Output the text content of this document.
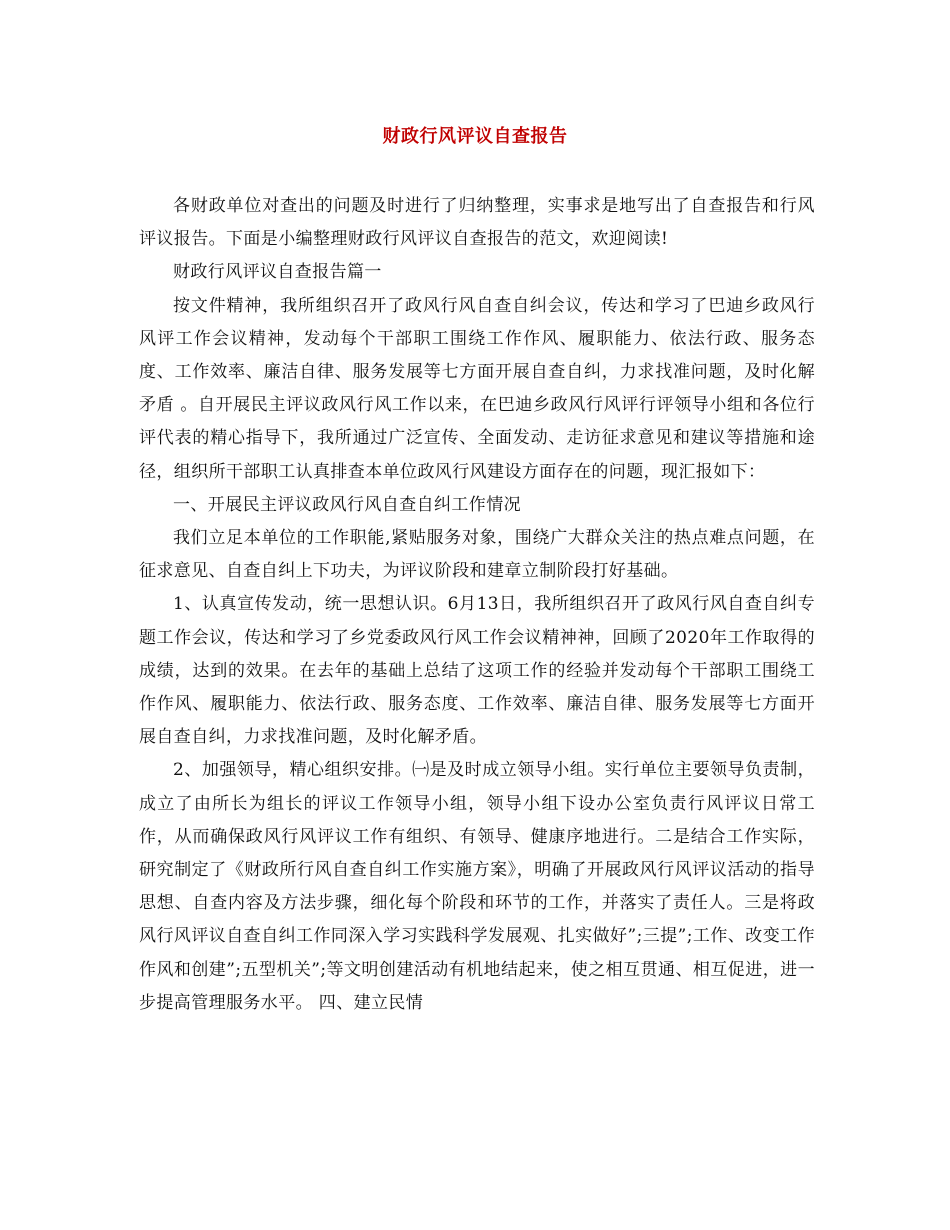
财政行风评议自查报告

各财政单位对查出的问题及时进行了归纳整理，实事求是地写出了自查报告和行风评议报告。下面是小编整理财政行风评议自查报告的范文，欢迎阅读!

财政行风评议自查报告篇一

按文件精神，我所组织召开了政风行风自查自纠会议，传达和学习了巴迪乡政风行风评工作会议精神，发动每个干部职工围绕工作作风、履职能力、依法行政、服务态度、工作效率、廉洁自律、服务发展等七方面开展自查自纠，力求找准问题，及时化解矛盾 。自开展民主评议政风行风工作以来，在巴迪乡政风行风评行评领导小组和各位行评代表的精心指导下，我所通过广泛宣传、全面发动、走访征求意见和建议等措施和途径，组织所干部职工认真排查本单位政风行风建设方面存在的问题，现汇报如下：

一、开展民主评议政风行风自查自纠工作情况

我们立足本单位的工作职能,紧贴服务对象，围绕广大群众关注的热点难点问题，在征求意见、自查自纠上下功夫，为评议阶段和建章立制阶段打好基础。

1、认真宣传发动，统一思想认识。6月13日，我所组织召开了政风行风自查自纠专题工作会议，传达和学习了乡党委政风行风工作会议精神神，回顾了2020年工作取得的成绩，达到的效果。在去年的基础上总结了这项工作的经验并发动每个干部职工围绕工作作风、履职能力、依法行政、服务态度、工作效率、廉洁自律、服务发展等七方面开展自查自纠，力求找准问题，及时化解矛盾。

2、加强领导，精心组织安排。㈠是及时成立领导小组。实行单位主要领导负责制，成立了由所长为组长的评议工作领导小组，领导小组下设办公室负责行风评议日常工作，从而确保政风行风评议工作有组织、有领导、健康序地进行。二是结合工作实际，研究制定了《财政所行风自查自纠工作实施方案》，明确了开展政风行风评议活动的指导思想、自查内容及方法步骤，细化每个阶段和环节的工作，并落实了责任人。三是将政风行风评议自查自纠工作同深入学习实践科学发展观、扎实做好”;三提”;工作、改变工作作风和创建”;五型机关”;等文明创建活动有机地结起来，使之相互贯通、相互促进，进一步提高管理服务水平。 四、建立民情
